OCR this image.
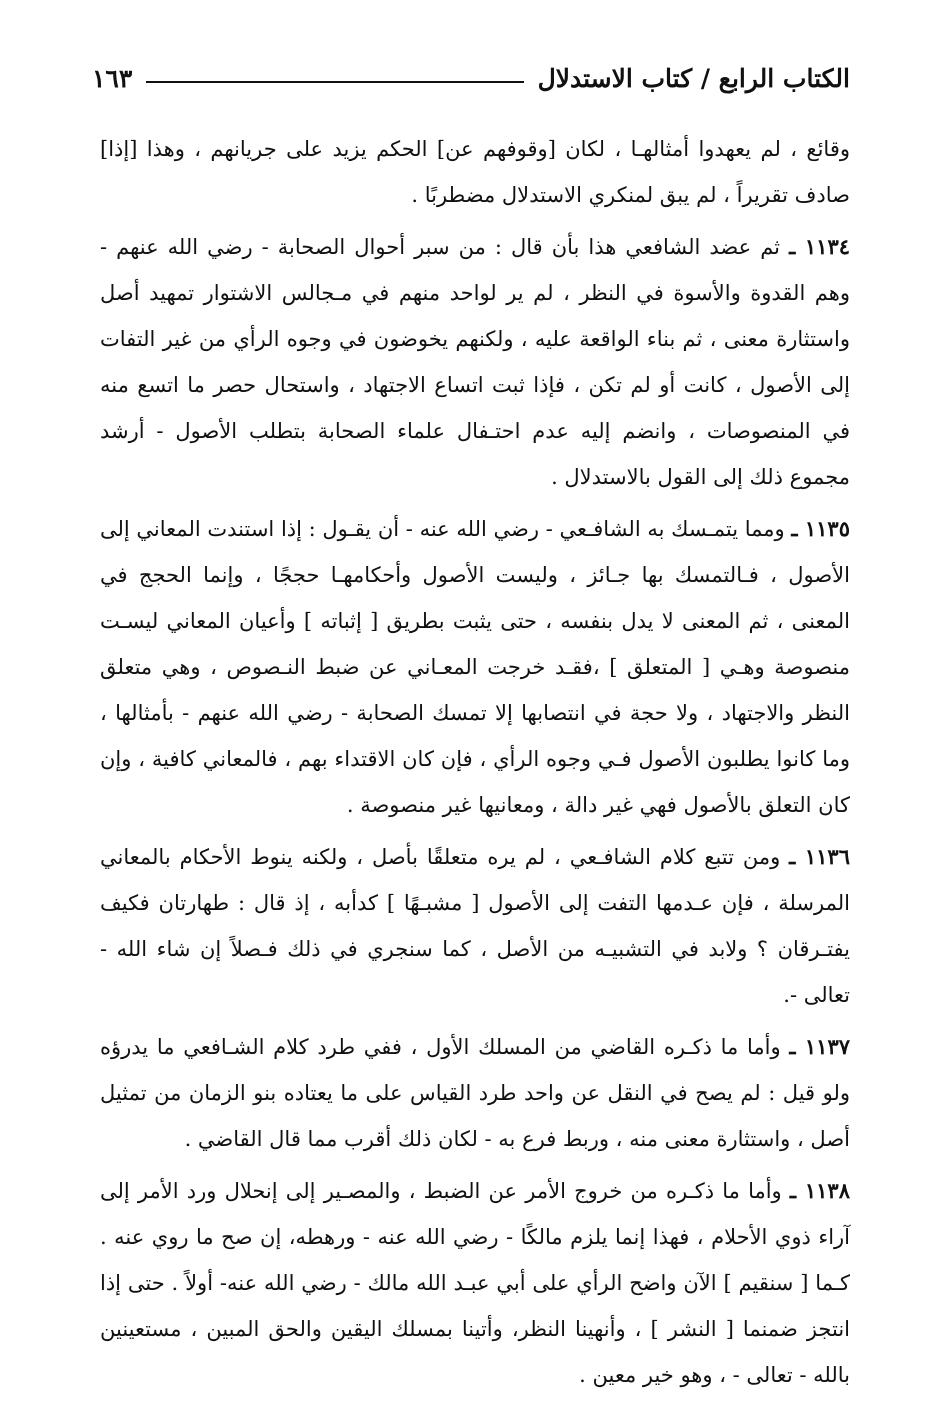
الكتاب الرابع / كتاب الاستدلال
١٦٣

وقائع ، لم يعهدوا أمثالهـا ، لكان [وقوفهم عن] الحكم يزيد على جريانهم ، وهذا [إذا] صادف تقريراً ، لم يبق لمنكري الاستدلال مضطربًا .

١١٣٤ ـ ثم عضد الشافعي هذا بأن قال : من سبر أحوال الصحابة - رضي الله عنهم - وهم القدوة والأسوة في النظر ، لم ير لواحد منهم في مـجالس الاشتوار تمهيد أصل واستثارة معنى ، ثم بناء الواقعة عليه ، ولكنهم يخوضون في وجوه الرأي من غير التفات إلى الأصول ، كانت أو لم تكن ، فإذا ثبت اتساع الاجتهاد ، واستحال حصر ما اتسع منه في المنصوصات ، وانضم إليه عدم احتـفال علماء الصحابة بتطلب الأصول - أرشد مجموع ذلك إلى القول بالاستدلال .

١١٣٥ ـ ومما يتمـسك به الشافـعي - رضي الله عنه - أن يقـول : إذا استندت المعاني إلى الأصول ، فـالتمسك بها جـائز ، وليست الأصول وأحكامهـا حججًا ، وإنما الحجج في المعنى ، ثم المعنى لا يدل بنفسه ، حتى يثبت بطريق [ إثباته ] وأعيان المعاني ليسـت منصوصة وهـي [ المتعلق ] ،فقـد خرجت المعـاني عن ضبط النـصوص ، وهي متعلق النظر والاجتهاد ، ولا حجة في انتصابها إلا تمسك الصحابة - رضي الله عنهم - بأمثالها ، وما كانوا يطلبون الأصول فـي وجوه الرأي ، فإن كان الاقتداء بهم ، فالمعاني كافية ، وإن كان التعلق بالأصول فهي غير دالة ، ومعانيها غير منصوصة .

١١٣٦ ـ ومن تتبع كلام الشافـعي ، لم يره متعلقًا بأصل ، ولكنه ينوط الأحكام بالمعاني المرسلة ، فإن عـدمها التفت إلى الأصول [ مشبـهًا ] كدأبه ، إذ قال : طهارتان فكيف يفتـرقان ؟ ولابد في التشبيـه من الأصل ، كما سنجري في ذلك فـصلاً إن شاء الله - تعالى -.

١١٣٧ ـ وأما ما ذكـره القاضي من المسلك الأول ، ففي طرد كلام الشـافعي ما يدرؤه ولو قيل : لم يصح في النقل عن واحد طرد القياس على ما يعتاده بنو الزمان من تمثيل أصل ، واستثارة معنى منه ، وربط فرع به - لكان ذلك أقرب مما قال القاضي .

١١٣٨ ـ وأما ما ذكـره من خروج الأمر عن الضبط ، والمصـير إلى إنحلال ورد الأمر إلى آراء ذوي الأحلام ، فهذا إنما يلزم مالكًا - رضي الله عنه - ورهطه، إن صح ما روي عنه . كـما [ سنقيم ] الآن واضح الرأي على أبي عبـد الله مالك - رضي الله عنه- أولاً . حتى إذا انتجز ضمنما [ النشر ] ، وأنهينا النظر، وأتينا بمسلك اليقين والحق المبين ، مستعينين بالله - تعالى - ، وهو خير معين .
